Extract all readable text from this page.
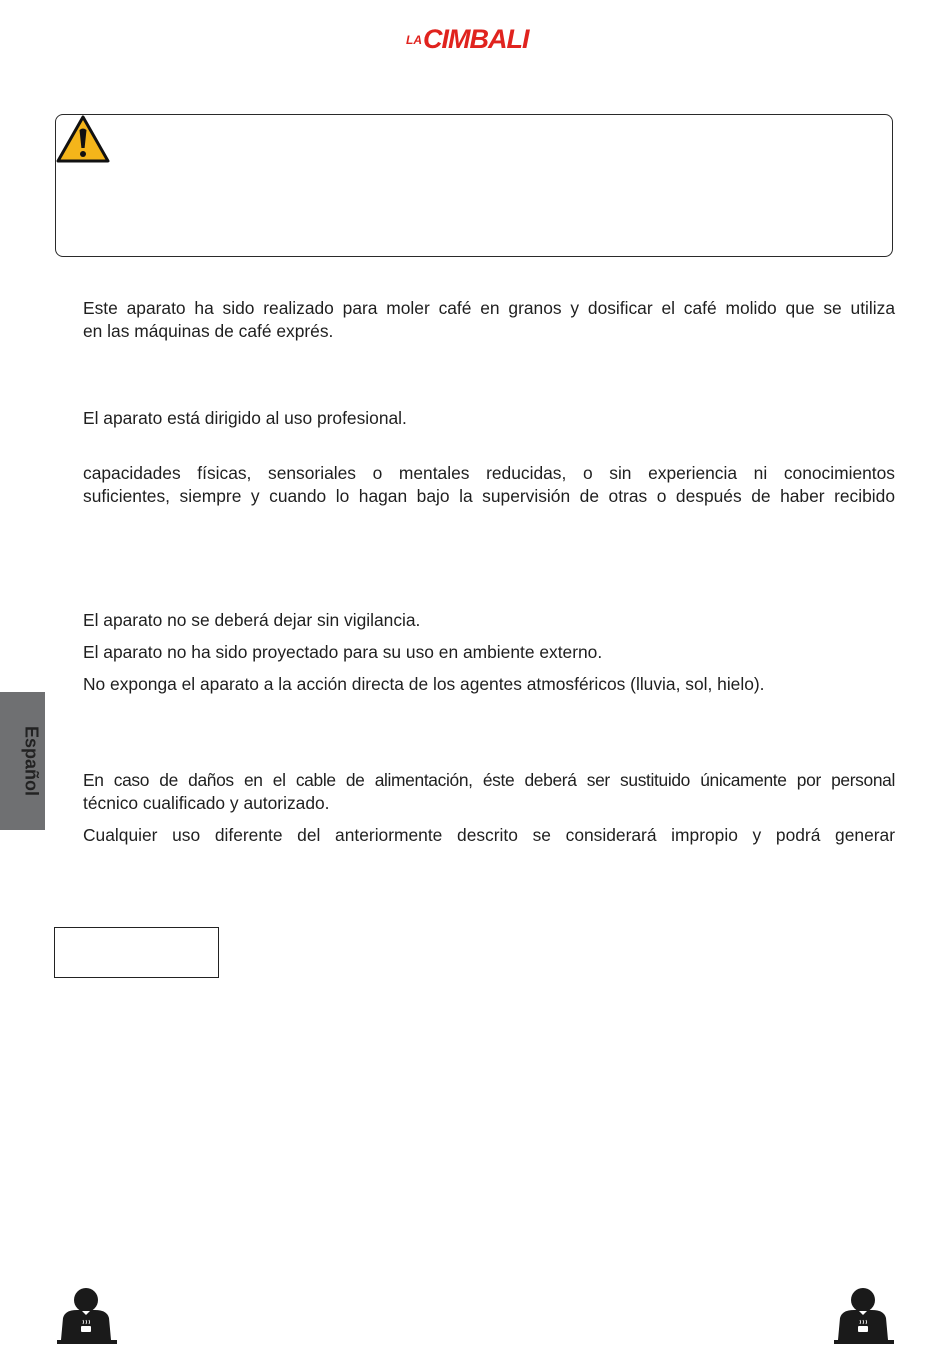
LA CIMBALI
Este aparato ha sido realizado para moler café en granos y dosificar el café molido que se utiliza
en las máquinas de café exprés.
El aparato está dirigido al uso profesional.
capacidades físicas, sensoriales o mentales reducidas, o sin experiencia ni conocimientos
suficientes, siempre y cuando lo hagan bajo la supervisión de otras o después de haber recibido
El aparato no se deberá dejar sin vigilancia.
El aparato no ha sido proyectado para su uso en ambiente externo.
No exponga el aparato a la acción directa de los agentes atmosféricos (lluvia, sol, hielo).
En caso de daños en el cable de alimentación, éste deberá ser sustituido únicamente por personal
técnico cualificado y autorizado.
Cualquier uso diferente del anteriormente descrito se considerará impropio y podrá generar
Español
